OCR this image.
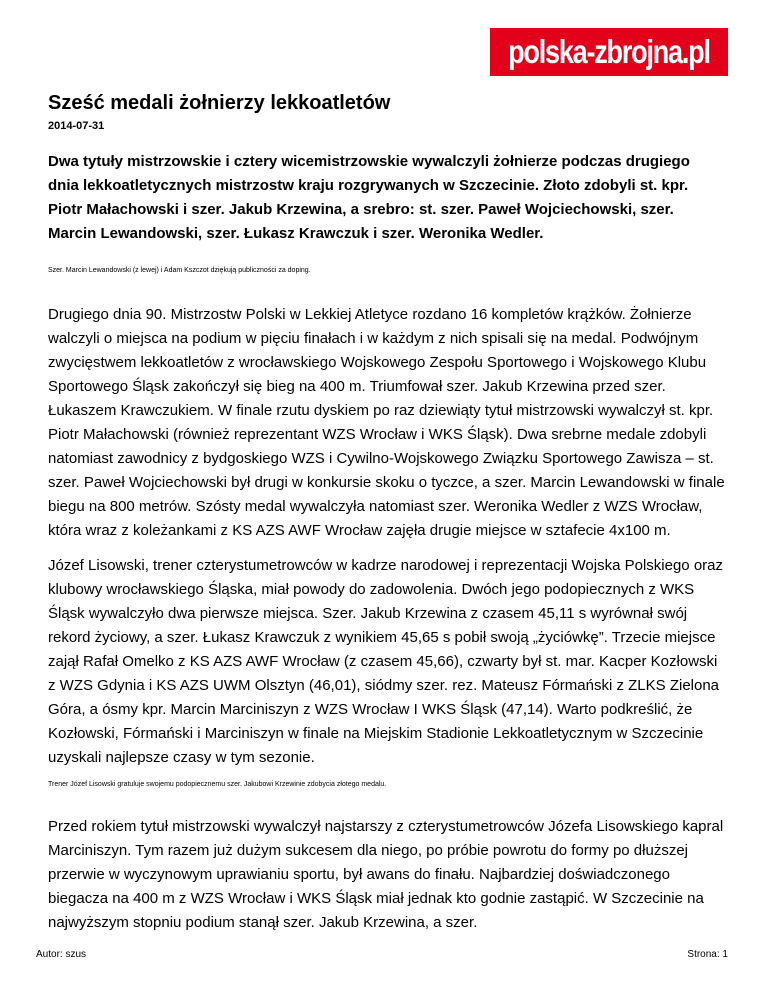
polska-zbrojna.pl
Sześć medali żołnierzy lekkoatletów
2014-07-31

Dwa tytuły mistrzowskie i cztery wicemistrzowskie wywalczyli żołnierze podczas drugiego dnia lekkoatletycznych mistrzostw kraju rozgrywanych w Szczecinie. Złoto zdobyli st. kpr. Piotr Małachowski i szer. Jakub Krzewina, a srebro: st. szer. Paweł Wojciechowski, szer. Marcin Lewandowski, szer. Łukasz Krawczuk i szer. Weronika Wedler.

Szer. Marcin Lewandowski (z lewej) i Adam Kszczot dziękują publiczności za doping.

Drugiego dnia 90. Mistrzostw Polski w Lekkiej Atletyce rozdano 16 kompletów krążków. Żołnierze walczyli o miejsca na podium w pięciu finałach i w każdym z nich spisali się na medal. Podwójnym zwycięstwem lekkoatletów z wrocławskiego Wojskowego Zespołu Sportowego i Wojskowego Klubu Sportowego Śląsk zakończył się bieg na 400 m. Triumfował szer. Jakub Krzewina przed szer. Łukaszem Krawczukiem. W finale rzutu dyskiem po raz dziewiąty tytuł mistrzowski wywalczył st. kpr. Piotr Małachowski (również reprezentant WZS Wrocław i WKS Śląsk). Dwa srebrne medale zdobyli natomiast zawodnicy z bydgoskiego WZS i Cywilno-Wojskowego Związku Sportowego Zawisza – st. szer. Paweł Wojciechowski był drugi w konkursie skoku o tyczce, a szer. Marcin Lewandowski w finale biegu na 800 metrów. Szósty medal wywalczyła natomiast szer. Weronika Wedler z WZS Wrocław, która wraz z koleżankami z KS AZS AWF Wrocław zajęła drugie miejsce w sztafecie 4x100 m.

Józef Lisowski, trener czterystumetrowców w kadrze narodowej i reprezentacji Wojska Polskiego oraz klubowy wrocławskiego Śląska, miał powody do zadowolenia. Dwóch jego podopiecznych z WKS Śląsk wywalczyło dwa pierwsze miejsca. Szer. Jakub Krzewina z czasem 45,11 s wyrównał swój rekord życiowy, a szer. Łukasz Krawczuk z wynikiem 45,65 s pobił swoją „życiówkę”. Trzecie miejsce zajął Rafał Omelko z KS AZS AWF Wrocław (z czasem 45,66), czwarty był st. mar. Kacper Kozłowski z WZS Gdynia i KS AZS UWM Olsztyn (46,01), siódmy szer. rez. Mateusz Fórmański z ZLKS Zielona Góra, a ósmy kpr. Marcin Marciniszyn z WZS Wrocław I WKS Śląsk (47,14). Warto podkreślić, że Kozłowski, Fórmański i Marciniszyn w finale na Miejskim Stadionie Lekkoatletycznym w Szczecinie uzyskali najlepsze czasy w tym sezonie.

Trener Józef Lisowski gratuluje swojemu podopiecznemu szer. Jakubowi Krzewinie zdobycia złotego medalu.

Przed rokiem tytuł mistrzowski wywalczył najstarszy z czterystumetrowców Józefa Lisowskiego kapral Marciniszyn. Tym razem już dużym sukcesem dla niego, po próbie powrotu do formy po dłuższej przerwie w wyczynowym uprawianiu sportu, był awans do finału. Najbardziej doświadczonego biegacza na 400 m z WZS Wrocław i WKS Śląsk miał jednak kto godnie zastąpić. W Szczecinie na najwyższym stopniu podium stanął szer. Jakub Krzewina, a szer.

Autor: szus	Strona: 1
